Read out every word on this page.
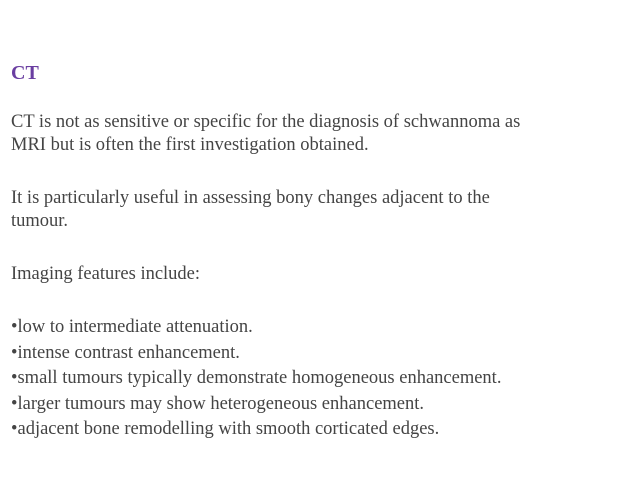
CT
CT is not as sensitive or specific for the diagnosis of schwannoma as
MRI but is often the first investigation obtained.
It is particularly useful in assessing bony changes adjacent to the
tumour.
Imaging features include:
•low to intermediate attenuation.
•intense contrast enhancement.
•small tumours typically demonstrate homogeneous enhancement.
•larger tumours may show heterogeneous enhancement.
•adjacent bone remodelling with smooth corticated edges.
